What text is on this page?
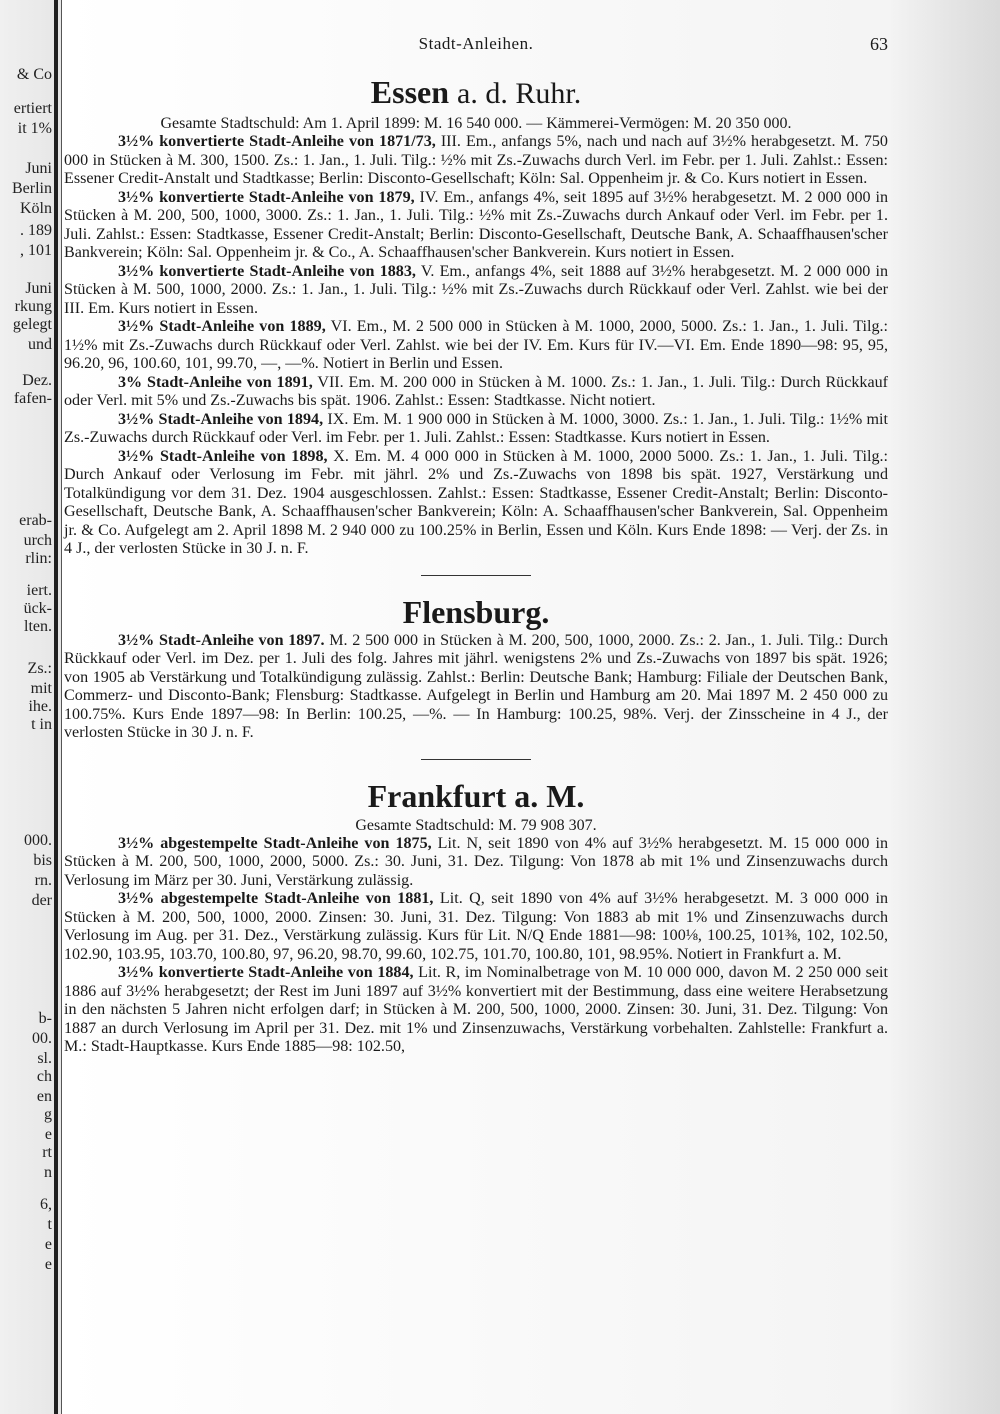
& Co
ertiert
it 1%
Juni
Berlin
Köln
. 189
, 101
Juni
rkung
gelegt
und
Dez.
fafen-
erab-
urch
rlin:
iert.
ück-
lten.
Zs.:
mit
ihe.
t in
000.
bis
rn.
der
b-
00.
sl.
ch
en
g
e
rt
n
6,
t
e
e
Stadt-Anleihen.	63
Essen a. d. Ruhr.

Gesamte Stadtschuld: Am 1. April 1899: M. 16 540 000. — Kämmerei-Vermögen: M. 20 350 000.

3½% konvertierte Stadt-Anleihe von 1871/73, III. Em., anfangs 5%, nach und nach auf 3½% herabgesetzt. M. 750 000 in Stücken à M. 300, 1500. Zs.: 1. Jan., 1. Juli. Tilg.: ½% mit Zs.-Zuwachs durch Verl. im Febr. per 1. Juli. Zahlst.: Essen: Essener Credit-Anstalt und Stadtkasse; Berlin: Disconto-Gesellschaft; Köln: Sal. Oppenheim jr. & Co. Kurs notiert in Essen.

3½% konvertierte Stadt-Anleihe von 1879, IV. Em., anfangs 4%, seit 1895 auf 3½% herabgesetzt. M. 2 000 000 in Stücken à M. 200, 500, 1000, 3000. Zs.: 1. Jan., 1. Juli. Tilg.: ½% mit Zs.-Zuwachs durch Ankauf oder Verl. im Febr. per 1. Juli. Zahlst.: Essen: Stadtkasse, Essener Credit-Anstalt; Berlin: Disconto-Gesellschaft, Deutsche Bank, A. Schaaffhausen'scher Bankverein; Köln: Sal. Oppenheim jr. & Co., A. Schaaffhausen'scher Bankverein. Kurs notiert in Essen.

3½% konvertierte Stadt-Anleihe von 1883, V. Em., anfangs 4%, seit 1888 auf 3½% herabgesetzt. M. 2 000 000 in Stücken à M. 500, 1000, 2000. Zs.: 1. Jan., 1. Juli. Tilg.: ½% mit Zs.-Zuwachs durch Rückkauf oder Verl. Zahlst. wie bei der III. Em. Kurs notiert in Essen.

3½% Stadt-Anleihe von 1889, VI. Em., M. 2 500 000 in Stücken à M. 1000, 2000, 5000. Zs.: 1. Jan., 1. Juli. Tilg.: 1½% mit Zs.-Zuwachs durch Rückkauf oder Verl. Zahlst. wie bei der IV. Em. Kurs für IV.—VI. Em. Ende 1890—98: 95, 95, 96.20, 96, 100.60, 101, 99.70, —, —%. Notiert in Berlin und Essen.

3% Stadt-Anleihe von 1891, VII. Em. M. 200 000 in Stücken à M. 1000. Zs.: 1. Jan., 1. Juli. Tilg.: Durch Rückkauf oder Verl. mit 5% und Zs.-Zuwachs bis spät. 1906. Zahlst.: Essen: Stadtkasse. Nicht notiert.

3½% Stadt-Anleihe von 1894, IX. Em. M. 1 900 000 in Stücken à M. 1000, 3000. Zs.: 1. Jan., 1. Juli. Tilg.: 1½% mit Zs.-Zuwachs durch Rückkauf oder Verl. im Febr. per 1. Juli. Zahlst.: Essen: Stadtkasse. Kurs notiert in Essen.

3½% Stadt-Anleihe von 1898, X. Em. M. 4 000 000 in Stücken à M. 1000, 2000 5000. Zs.: 1. Jan., 1. Juli. Tilg.: Durch Ankauf oder Verlosung im Febr. mit jährl. 2% und Zs.-Zuwachs von 1898 bis spät. 1927, Verstärkung und Totalkündigung vor dem 31. Dez. 1904 ausgeschlossen. Zahlst.: Essen: Stadtkasse, Essener Credit-Anstalt; Berlin: Disconto-Gesellschaft, Deutsche Bank, A. Schaaffhausen'scher Bankverein; Köln: A. Schaaffhausen'scher Bankverein, Sal. Oppenheim jr. & Co. Aufgelegt am 2. April 1898 M. 2 940 000 zu 100.25% in Berlin, Essen und Köln. Kurs Ende 1898: — Verj. der Zs. in 4 J., der verlosten Stücke in 30 J. n. F.

Flensburg.

3½% Stadt-Anleihe von 1897. M. 2 500 000 in Stücken à M. 200, 500, 1000, 2000. Zs.: 2. Jan., 1. Juli. Tilg.: Durch Rückkauf oder Verl. im Dez. per 1. Juli des folg. Jahres mit jährl. wenigstens 2% und Zs.-Zuwachs von 1897 bis spät. 1926; von 1905 ab Verstärkung und Totalkündigung zulässig. Zahlst.: Berlin: Deutsche Bank; Hamburg: Filiale der Deutschen Bank, Commerz- und Disconto-Bank; Flensburg: Stadtkasse. Aufgelegt in Berlin und Hamburg am 20. Mai 1897 M. 2 450 000 zu 100.75%. Kurs Ende 1897—98: In Berlin: 100.25, —%. — In Hamburg: 100.25, 98%. Verj. der Zinsscheine in 4 J., der verlosten Stücke in 30 J. n. F.

Frankfurt a. M.

Gesamte Stadtschuld: M. 79 908 307.

3½% abgestempelte Stadt-Anleihe von 1875, Lit. N, seit 1890 von 4% auf 3½% herabgesetzt. M. 15 000 000 in Stücken à M. 200, 500, 1000, 2000, 5000. Zs.: 30. Juni, 31. Dez. Tilgung: Von 1878 ab mit 1% und Zinsenzuwachs durch Verlosung im März per 30. Juni, Verstärkung zulässig.

3½% abgestempelte Stadt-Anleihe von 1881, Lit. Q, seit 1890 von 4% auf 3½% herabgesetzt. M. 3 000 000 in Stücken à M. 200, 500, 1000, 2000. Zinsen: 30. Juni, 31. Dez. Tilgung: Von 1883 ab mit 1% und Zinsenzuwachs durch Verlosung im Aug. per 31. Dez., Verstärkung zulässig. Kurs für Lit. N/Q Ende 1881—98: 100⅛, 100.25, 101⅜, 102, 102.50, 102.90, 103.95, 103.70, 100.80, 97, 96.20, 98.70, 99.60, 102.75, 101.70, 100.80, 101, 98.95%. Notiert in Frankfurt a. M.

3½% konvertierte Stadt-Anleihe von 1884, Lit. R, im Nominalbetrage von M. 10 000 000, davon M. 2 250 000 seit 1886 auf 3½% herabgesetzt; der Rest im Juni 1897 auf 3½% konvertiert mit der Bestimmung, dass eine weitere Herabsetzung in den nächsten 5 Jahren nicht erfolgen darf; in Stücken à M. 200, 500, 1000, 2000. Zinsen: 30. Juni, 31. Dez. Tilgung: Von 1887 an durch Verlosung im April per 31. Dez. mit 1% und Zinsenzuwachs, Verstärkung vorbehalten. Zahlstelle: Frankfurt a. M.: Stadt-Hauptkasse. Kurs Ende 1885—98: 102.50,
